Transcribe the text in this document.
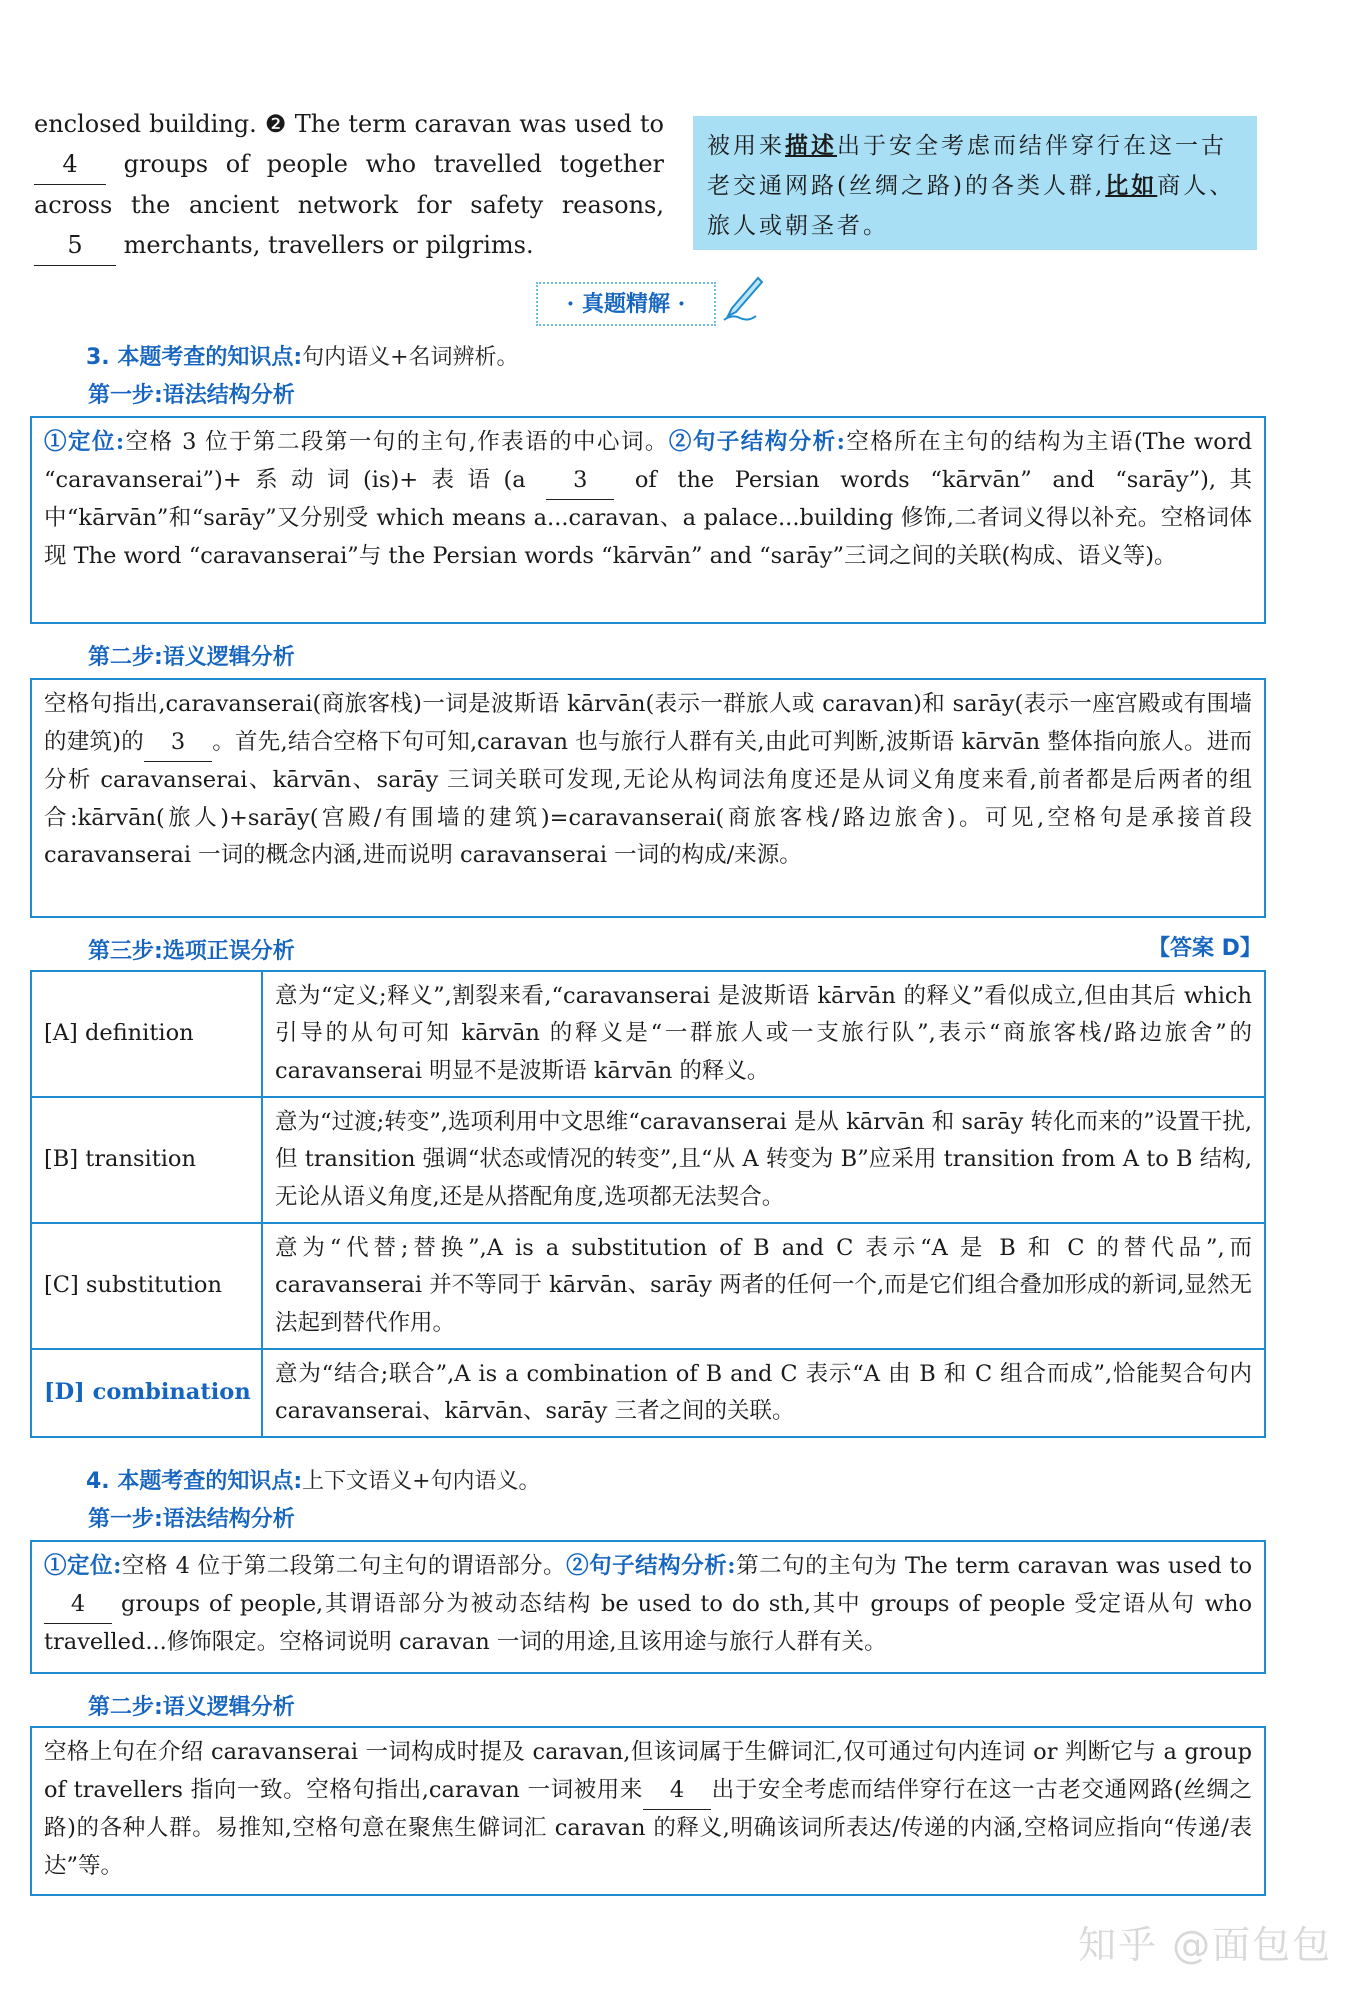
enclosed building. ❷ The term caravan was used to 4 groups of people who travelled together across the ancient network for safety reasons, 5 merchants, travellers or pilgrims.
被用来描述出于安全考虑而结伴穿行在这一古老交通网路(丝绸之路)的各类人群,比如商人、旅人或朝圣者。
· 真题精解 ·
3. 本题考查的知识点:句内语义+名词辨析。
第一步:语法结构分析
①定位:空格 3 位于第二段第一句的主句,作表语的中心词。②句子结构分析:空格所在主句的结构为主语(The word “caravanserai”)+系动词(is)+表语(a 3 of the Persian words “kārvān” and “sarāy”),其中“kārvān”和“sarāy”又分别受 which means a...caravan、a palace...building 修饰,二者词义得以补充。空格词体现 The word “caravanserai”与 the Persian words “kārvān” and “sarāy”三词之间的关联(构成、语义等)。
第二步:语义逻辑分析
空格句指出,caravanserai(商旅客栈)一词是波斯语 kārvān(表示一群旅人或 caravan)和 sarāy(表示一座宫殿或有围墙的建筑)的 3 。首先,结合空格下句可知,caravan 也与旅行人群有关,由此可判断,波斯语 kārvān 整体指向旅人。进而分析 caravanserai、kārvān、sarāy 三词关联可发现,无论从构词法角度还是从词义角度来看,前者都是后两者的组合:kārvān(旅人)+sarāy(宫殿/有围墙的建筑)=caravanserai(商旅客栈/路边旅舍)。可见,空格句是承接首段 caravanserai 一词的概念内涵,进而说明 caravanserai 一词的构成/来源。
第三步:选项正误分析	【答案 D】
[A] definition	意为“定义;释义”,割裂来看,“caravanserai 是波斯语 kārvān 的释义”看似成立,但由其后 which 引导的从句可知 kārvān 的释义是“一群旅人或一支旅行队”,表示“商旅客栈/路边旅舍”的 caravanserai 明显不是波斯语 kārvān 的释义。
[B] transition	意为“过渡;转变”,选项利用中文思维“caravanserai 是从 kārvān 和 sarāy 转化而来的”设置干扰,但 transition 强调“状态或情况的转变”,且“从 A 转变为 B”应采用 transition from A to B 结构,无论从语义角度,还是从搭配角度,选项都无法契合。
[C] substitution	意为“代替;替换”,A is a substitution of B and C 表示“A 是 B 和 C 的替代品”,而 caravanserai 并不等同于 kārvān、sarāy 两者的任何一个,而是它们组合叠加形成的新词,显然无法起到替代作用。
[D] combination	意为“结合;联合”,A is a combination of B and C 表示“A 由 B 和 C 组合而成”,恰能契合句内 caravanserai、kārvān、sarāy 三者之间的关联。
4. 本题考查的知识点:上下文语义+句内语义。
第一步:语法结构分析
①定位:空格 4 位于第二段第二句主句的谓语部分。②句子结构分析:第二句的主句为 The term caravan was used to 4 groups of people,其谓语部分为被动态结构 be used to do sth,其中 groups of people 受定语从句 who travelled...修饰限定。空格词说明 caravan 一词的用途,且该用途与旅行人群有关。
第二步:语义逻辑分析
空格上句在介绍 caravanserai 一词构成时提及 caravan,但该词属于生僻词汇,仅可通过句内连词 or 判断它与 a group of travellers 指向一致。空格句指出,caravan 一词被用来 4 出于安全考虑而结伴穿行在这一古老交通网路(丝绸之路)的各种人群。易推知,空格句意在聚焦生僻词汇 caravan 的释义,明确该词所表达/传递的内涵,空格词应指向“传递/表达”等。
知乎 @面包包
